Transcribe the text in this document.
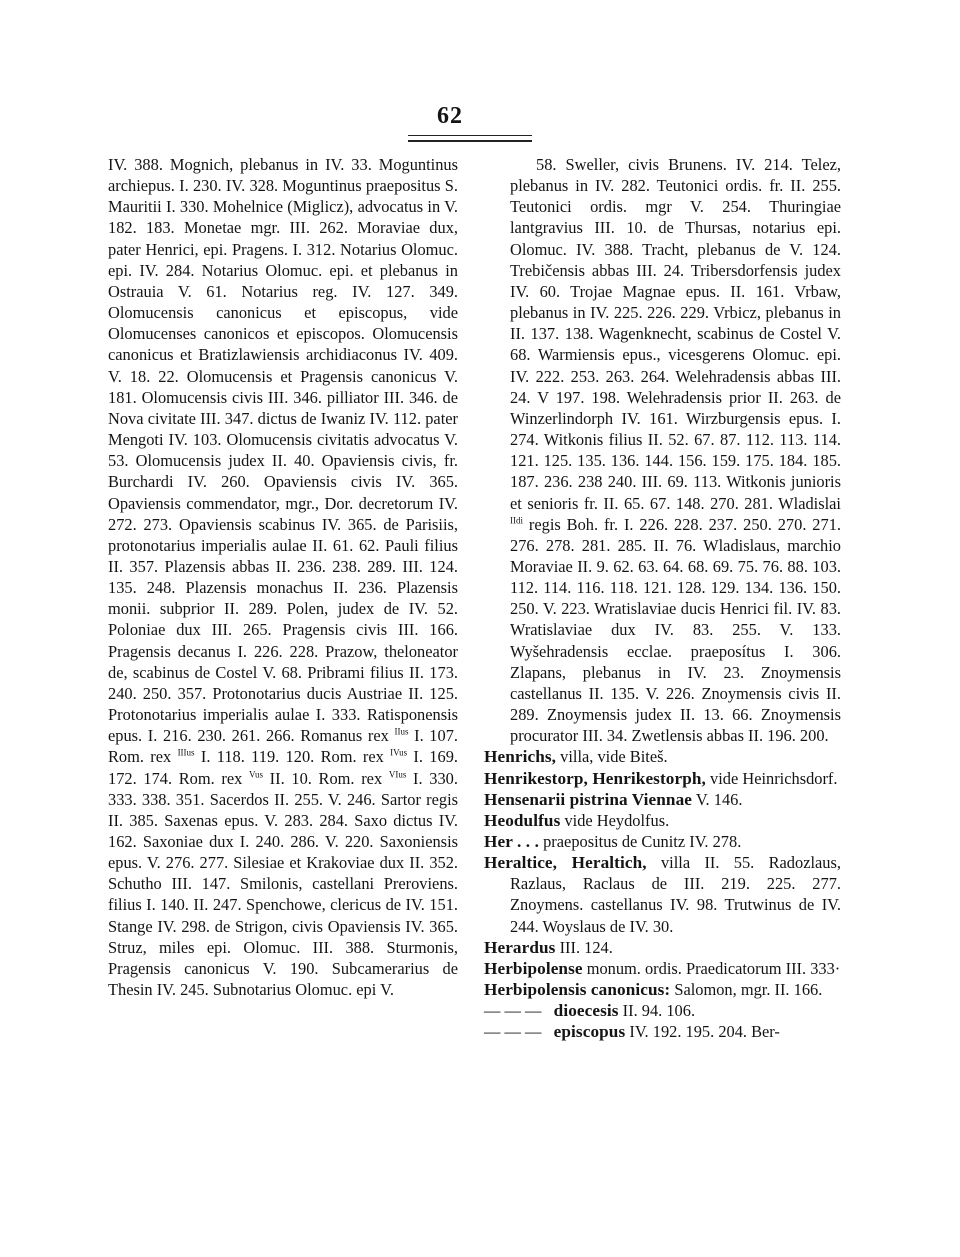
62

IV. 388. Mognich, plebanus in IV. 33. Moguntinus archiepus. I. 230. IV. 328. Moguntinus praepositus S. Mauritii I. 330. Mohelnice (Miglicz), advocatus in V. 182. 183. Monetae mgr. III. 262. Moraviae dux, pater Henrici, epi. Pragens. I. 312. Notarius Olomuc. epi. IV. 284. Notarius Olomuc. epi. et plebanus in Ostrauia V. 61. Notarius reg. IV. 127. 349. Olomucensis canonicus et episcopus, vide Olomucenses canonicos et episcopos. Olomucensis canonicus et Bratizlawiensis archidiaconus IV. 409. V. 18. 22. Olomucensis et Pragensis canonicus V. 181. Olomucensis civis III. 346. pilliator III. 346. de Nova civitate III. 347. dictus de Iwaniz IV. 112. pater Mengoti IV. 103. Olomucensis civitatis advocatus V. 53. Olomucensis judex II. 40. Opaviensis civis, fr. Burchardi IV. 260. Opaviensis civis IV. 365. Opaviensis commendator, mgr., Dor. decretorum IV. 272. 273. Opaviensis scabinus IV. 365. de Parisiis, protonotarius imperialis aulae II. 61. 62. Pauli filius II. 357. Plazensis abbas II. 236. 238. 289. III. 124. 135. 248. Plazensis monachus II. 236. Plazensis monii. subprior II. 289. Polen, judex de IV. 52. Poloniae dux III. 265. Pragensis civis III. 166. Pragensis decanus I. 226. 228. Prazow, theloneator de, scabinus de Costel V. 68. Pribrami filius II. 173. 240. 250. 357. Protonotarius ducis Austriae II. 125. Protonotarius imperialis aulae I. 333. Ratisponensis epus. I. 216. 230. 261. 266. Romanus rex $^{IIus}$ I. 107. Rom. rex $^{IIIus}$ I. 118. 119. 120. Rom. rex $^{IVus}$ I. 169. 172. 174. Rom. rex $^{Vus}$ II. 10. Rom. rex $^{VIus}$ I. 330. 333. 338. 351. Sacerdos II. 255. V. 246. Sartor regis II. 385. Saxenas epus. V. 283. 284. Saxo dictus IV. 162. Saxoniae dux I. 240. 286. V. 220. Saxoniensis epus. V. 276. 277. Silesiae et Krakoviae dux II. 352. Schutho III. 147. Smilonis, castellani Preroviens. filius I. 140. II. 247. Spenchowe, clericus de IV. 151. Stange IV. 298. de Strigon, civis Opaviensis IV. 365. Struz, miles epi. Olomuc. III. 388. Sturmonis, Pragensis canonicus V. 190. Subcamerarius de Thesin IV. 245. Subnotarius Olomuc. epi V.

58. Sweller, civis Brunens. IV. 214. Telez, plebanus in IV. 282. Teutonici ordis. fr. II. 255. Teutonici ordis. mgr V. 254. Thuringiae lantgravius III. 10. de Thursas, notarius epi. Olomuc. IV. 388. Tracht, plebanus de V. 124. Trebičensis abbas III. 24. Tribersdorfensis judex IV. 60. Trojae Magnae epus. II. 161. Vrbaw, plebanus in IV. 225. 226. 229. Vrbicz, plebanus in II. 137. 138. Wagenknecht, scabinus de Costel V. 68. Warmiensis epus., vicesgerens Olomuc. epi. IV. 222. 253. 263. 264. Welehradensis abbas III. 24. V 197. 198. Welehradensis prior II. 263. de Winzerlindorph IV. 161. Wirzburgensis epus. I. 274. Witkonis filius II. 52. 67. 87. 112. 113. 114. 121. 125. 135. 136. 144. 156. 159. 175. 184. 185. 187. 236. 238 240. III. 69. 113. Witkonis junioris et senioris fr. II. 65. 67. 148. 270. 281. Wladislai $^{IIdi}$ regis Boh. fr. I. 226. 228. 237. 250. 270. 271. 276. 278. 281. 285. II. 76. Wladislaus, marchio Moraviae II. 9. 62. 63. 64. 68. 69. 75. 76. 88. 103. 112. 114. 116. 118. 121. 128. 129. 134. 136. 150. 250. V. 223. Wratislaviae ducis Henrici fil. IV. 83. Wratislaviae dux IV. 83. 255. V. 133. Wyšehradensis ecclae. praeposítus I. 306. Zlapans, plebanus in IV. 23. Znoymensis castellanus II. 135. V. 226. Znoymensis civis II. 289. Znoymensis judex II. 13. 66. Znoymensis procurator III. 34. Zwetlensis abbas II. 196. 200.

Henrichs, villa, vide Biteš.

Henrikestorp, Henrikestorph, vide Heinrichsdorf.

Hensenarii pistrina Viennae V. 146.

Heodulfus vide Heydolfus.

Her . . . praepositus de Cunitz IV. 278.

Heraltice, Heraltich, villa II. 55. Radozlaus, Razlaus, Raclaus de III. 219. 225. 277. Znoymens. castellanus IV. 98. Trutwinus de IV. 244. Woyslaus de IV. 30.

Herardus III. 124.

Herbipolense monum. ordis. Praedicatorum III. 333·

Herbipolensis canonicus: Salomon, mgr. II. 166.

— — — dioecesis II. 94. 106.

— — — episcopus IV. 192. 195. 204. Ber-
